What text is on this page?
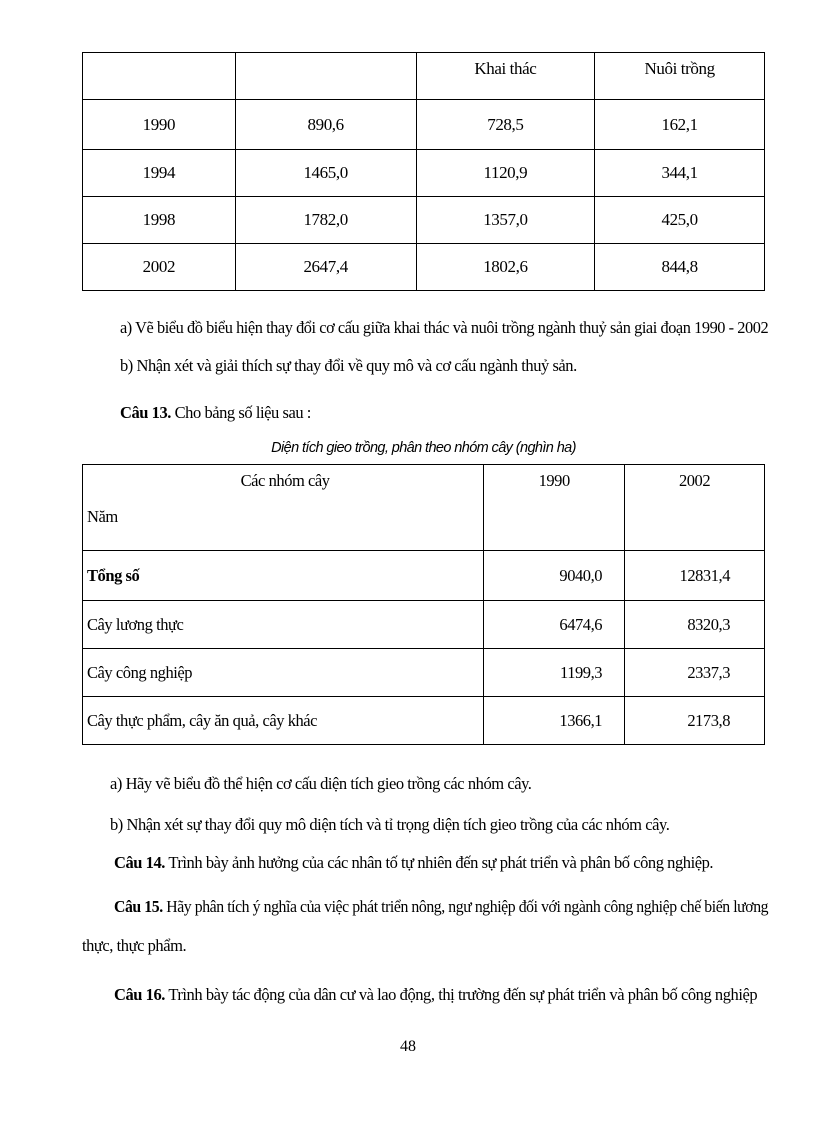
		Khai thác	Nuôi trồng
1990	890,6	728,5	162,1
1994	1465,0	1120,9	344,1
1998	1782,0	1357,0	425,0
2002	2647,4	1802,6	844,8
a) Vẽ biểu đồ biểu hiện thay đổi cơ cấu giữa khai thác và nuôi trồng ngành thuỷ sản giai đoạn 1990 - 2002
b) Nhận xét và giải thích sự thay đổi về quy mô và cơ cấu ngành thuỷ sản.
Câu 13. Cho bảng số liệu sau :
Diện tích gieo trồng, phân theo nhóm cây (nghìn ha)
Các nhóm cây
Năm	1990	2002
Tổng số	9040,0	12831,4
Cây lương thực	6474,6	8320,3
Cây công nghiệp	1199,3	2337,3
Cây thực phẩm, cây ăn quả, cây khác	1366,1	2173,8
a) Hãy vẽ biểu đồ thể hiện cơ cấu diện tích gieo trồng các nhóm cây.
b) Nhận xét sự thay đổi quy mô diện tích và tỉ trọng diện tích gieo trồng của các nhóm cây.
Câu 14. Trình bày ảnh hưởng của các nhân tố tự nhiên đến sự phát triển và phân bố công nghiệp.
Câu 15. Hãy phân tích ý nghĩa của việc phát triển nông, ngư nghiệp đối với ngành công nghiệp chế biến lương
thực, thực phẩm.
Câu 16. Trình bày tác động của dân cư và lao động, thị trường đến sự phát triển và phân bố công nghiệp
48
